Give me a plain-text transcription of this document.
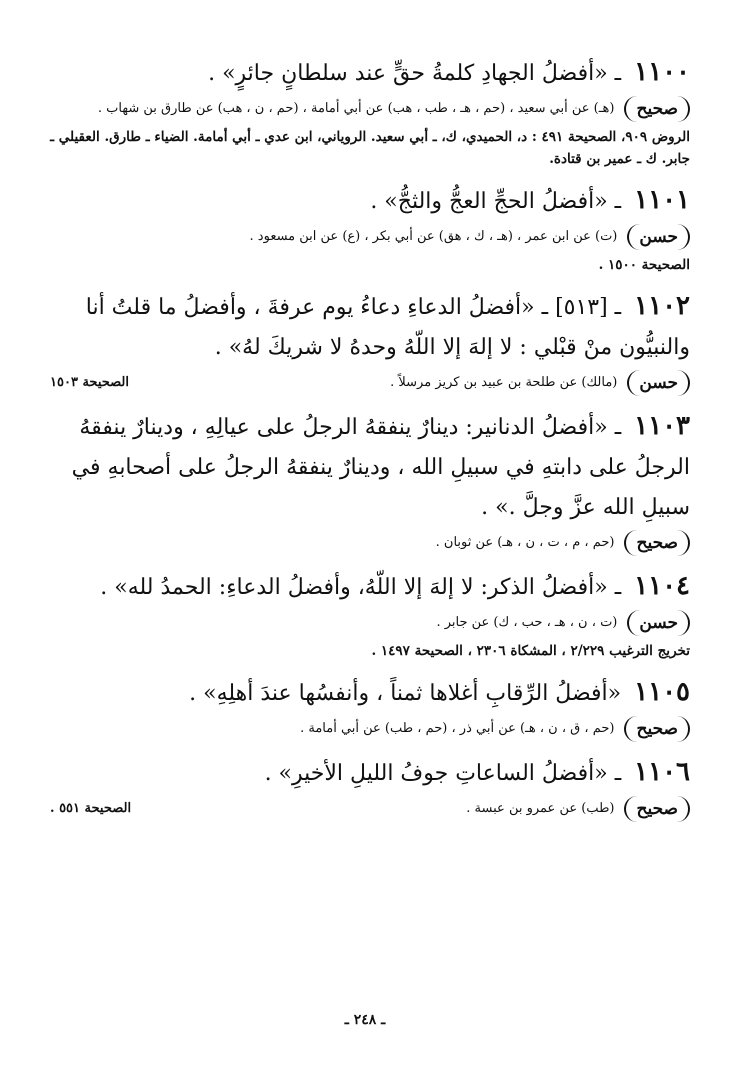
١١٠٠ ـ «أفضلُ الجهادِ كلمةُ حقٍّ عند سلطانٍ جائرٍ» .
صحيح
(هـ) عن أبي سعيد ، (حم ، هـ ، طب ، هب) عن أبي أمامة ، (حم ، ن ، هب) عن طارق بن شهاب .
الروض ٩٠٩، الصحيحة ٤٩١ : د، الحميدي، ك، ـ أبي سعيد. الروياني، ابن عدي ـ أبي أمامة. الضياء ـ طارق. العقيلي ـ جابر. ك ـ عمير بن قتادة.
١١٠١ ـ «أفضلُ الحجِّ العجُّ والثجُّ» .
حسن
(ت) عن ابن عمر ، (هـ ، ك ، هق) عن أبي بكر ، (ع) عن ابن مسعود .
الصحيحة ١٥٠٠ .
١١٠٢ ـ [٥١٣] ـ «أفضلُ الدعاءِ دعاءُ يوم عرفةَ ، وأفضلُ ما قلتُ أنا والنبيُّون منْ قبْلي : لا إلهَ إلا اللّهُ وحدهُ لا شريكَ لهُ» .
حسن
(مالك) عن طلحة بن عبيد بن كريز مرسلاً .
الصحيحة ١٥٠٣
١١٠٣ ـ «أفضلُ الدنانير: دينارٌ ينفقهُ الرجلُ على عيالِهِ ، ودينارٌ ينفقهُ الرجلُ على دابتهِ في سبيلِ الله ، ودينارٌ ينفقهُ الرجلُ على أصحابهِ في سبيلِ الله عزَّ وجلَّ .» .
صحيح
(حم ، م ، ت ، ن ، هـ) عن ثوبان .
١١٠٤ ـ «أفضلُ الذكر: لا إلهَ إلا اللّهُ، وأفضلُ الدعاءِ: الحمدُ لله» .
حسن
(ت ، ن ، هـ ، حب ، ك) عن جابر .
تخريج الترغيب ٢/٢٢٩ ، المشكاة ٢٣٠٦ ، الصحيحة ١٤٩٧ .
١١٠٥ «أفضلُ الرِّقابِ أغلاها ثمناً ، وأنفسُها عندَ أهلِهِ» .
صحيح
(حم ، ق ، ن ، هـ) عن أبي ذر ، (حم ، طب) عن أبي أمامة .
١١٠٦ ـ «أفضلُ الساعاتِ جوفُ الليلِ الأخيرِ» .
صحيح
(طب) عن عمرو بن عبسة .
الصحيحة ٥٥١ .
ـ ٢٤٨ ـ
